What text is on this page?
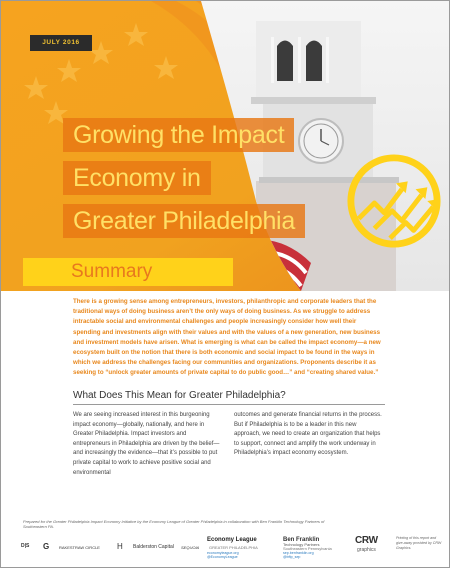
JULY 2016
Growing the Impact
Economy in
Greater Philadelphia
Summary

There is a growing sense among entrepreneurs, investors, philanthropic and corporate leaders that the traditional ways of doing business aren’t the only ways of doing business. As we struggle to address intractable social and environmental challenges and people increasingly consider how well their spending and investments align with their values and with the values of a new generation, new business and investment models have arisen. What is emerging is what can be called the impact economy—a new ecosystem built on the notion that there is both economic and social impact to be found in the ways in which we address the challenges facing our communities and organizations. Proponents describe it as seeking to “unlock greater amounts of private capital to do public good…” and “creating shared value.”

What Does This Mean for Greater Philadelphia?

We are seeing increased interest in this burgeoning impact economy—globally, nationally, and here in Greater Philadelphia. Impact investors and entrepreneurs in Philadelphia are driven by the belief—and increasingly the evidence—that it’s possible to put private capital to work to achieve positive social and environmental

outcomes and generate financial returns in the process. But if Philadelphia is to be a leader in this new approach, we need to create an organization that helps to support, connect and amplify the work underway in Philadelphia’s impact economy ecosystem.

Prepared for the Greater Philadelphia Impact Economy Initiative by the Economy League of Greater Philadelphia in collaboration with Ben Franklin Technology Partners of Southeastern PA.
D|S G RAKESTRAW CIRCLE H Balderston Capital SEQUOIA
Economy League
GREATER PHILADELPHIA
economyleague.org
@EconomyLeague
Ben Franklin
Technology Partners
Southeastern Pennsylvania
sep.benfranklin.org
@bftp_sep
CRW
graphics
Printing of this report and give-away provided by CRW Graphics.
